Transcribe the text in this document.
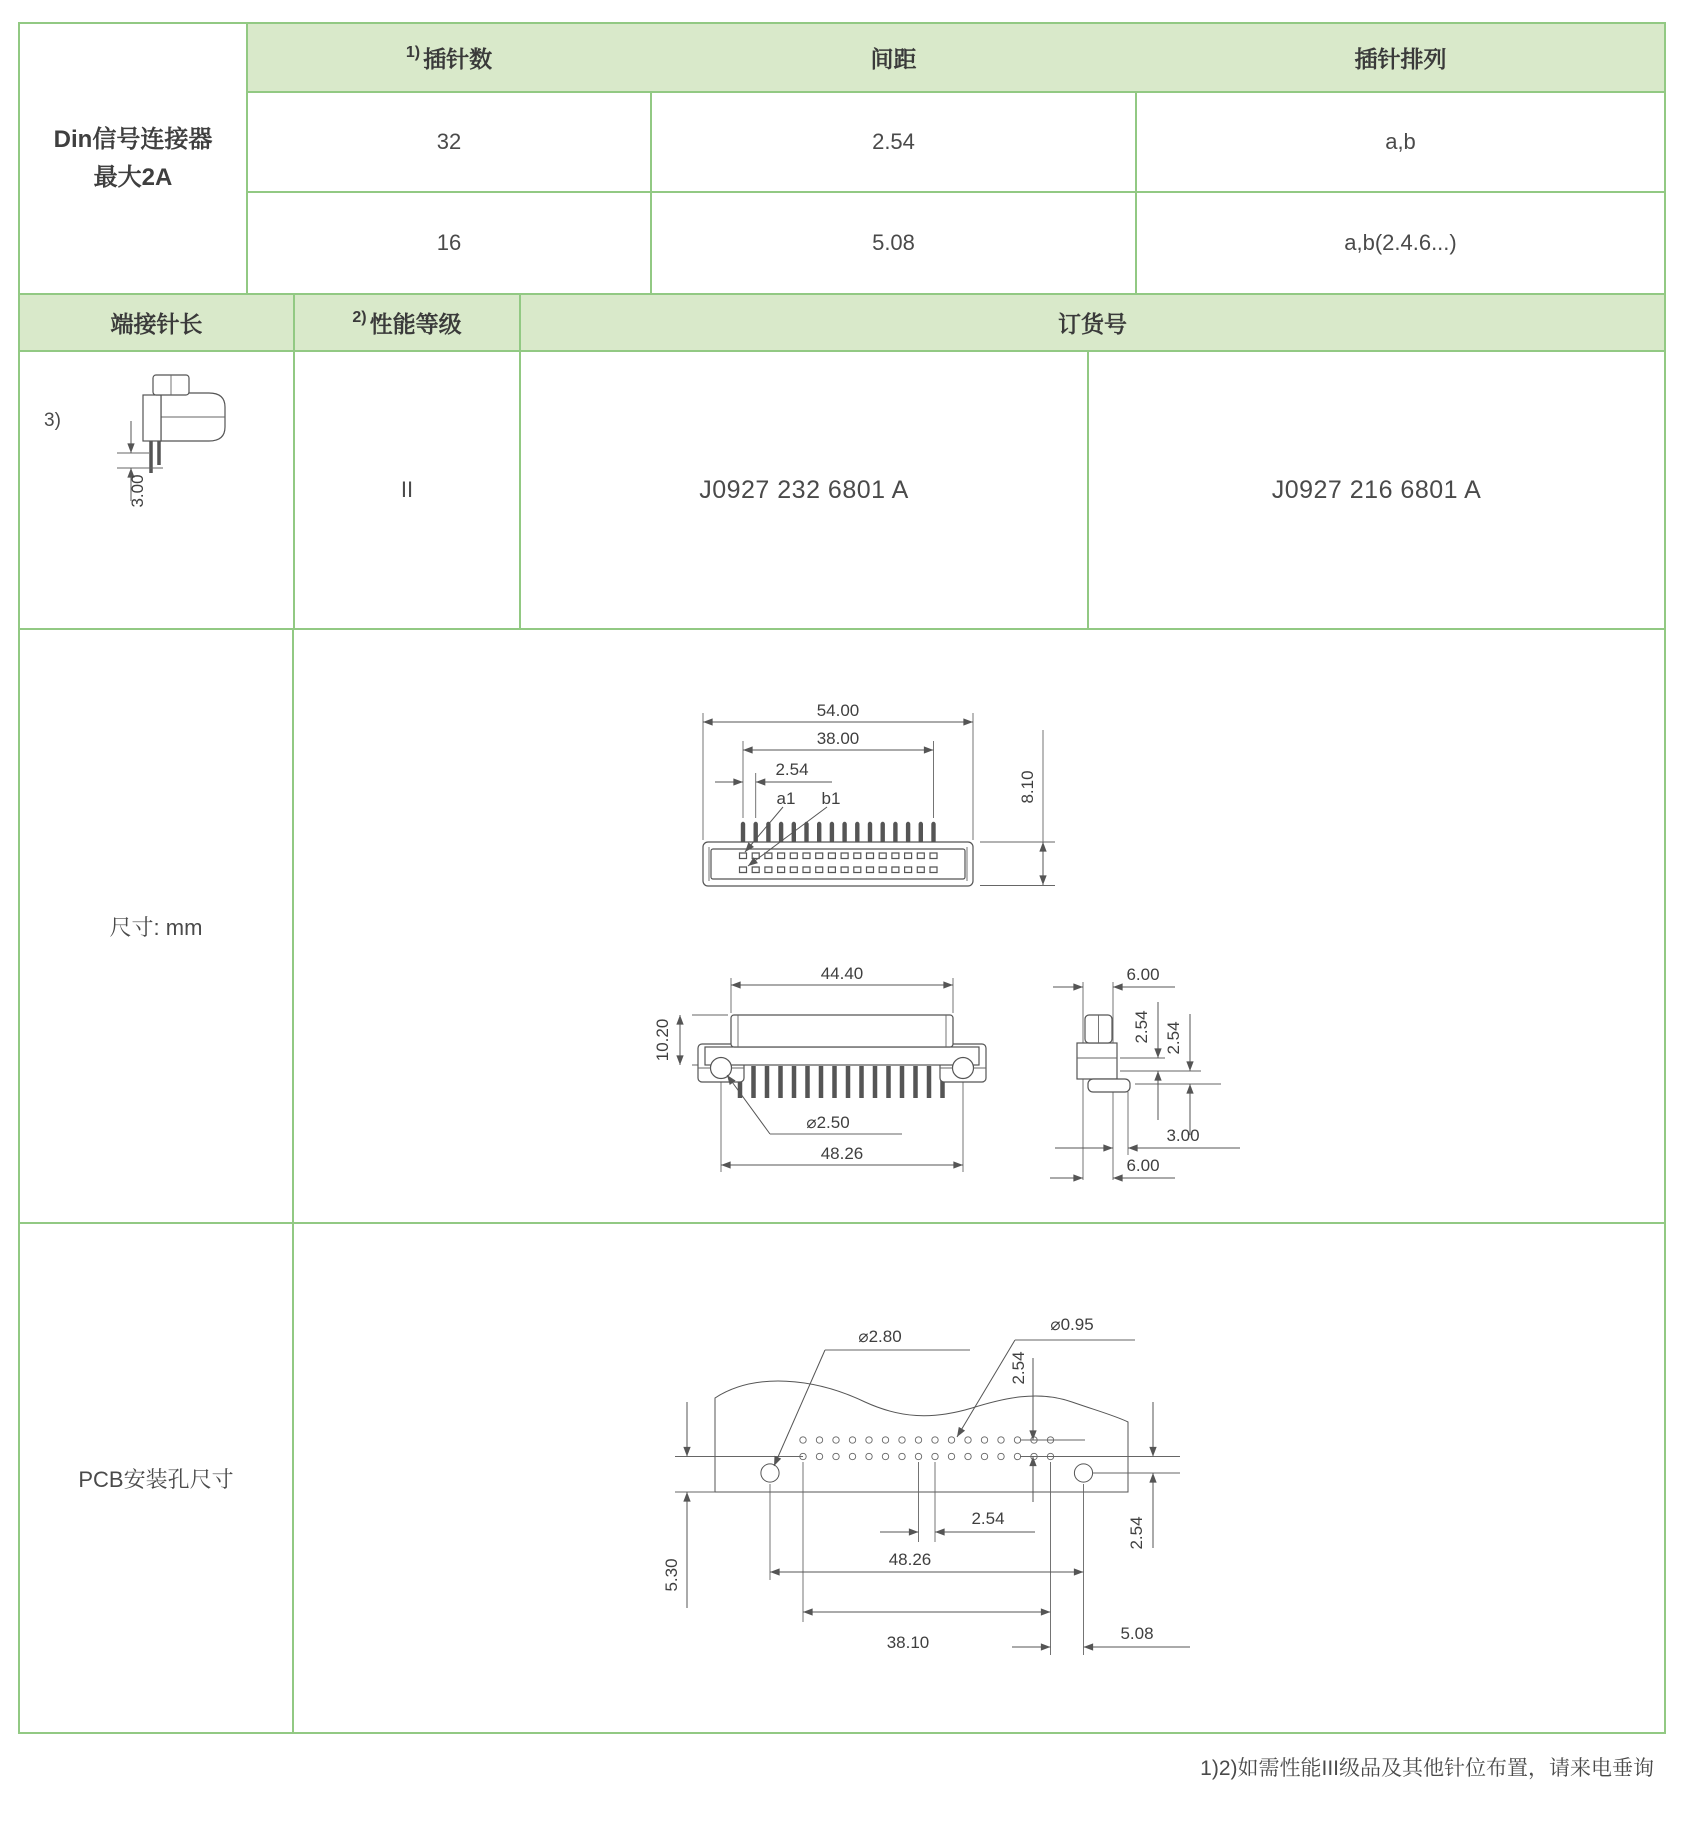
Din信号连接器
最大2A
1) 插针数	间距	插针排列
32	2.54	a,b
16	5.08	a,b(2.4.6...)
端接针长	2) 性能等级	订货号
3)
3.00	II	J0927 232 6801 A	J0927 216 6801 A
尺寸: mm
54.00
38.00
2.54
a1 b1	8.10
44.40
10.20
⌀2.50
48.26
6.00
2.54 2.54
3.00
6.00
PCB安装孔尺寸
⌀2.80
⌀0.95
2.54
2.54
2.54
48.26
38.10	5.08
5.30
1)2)如需性能III级品及其他针位布置，请来电垂询
